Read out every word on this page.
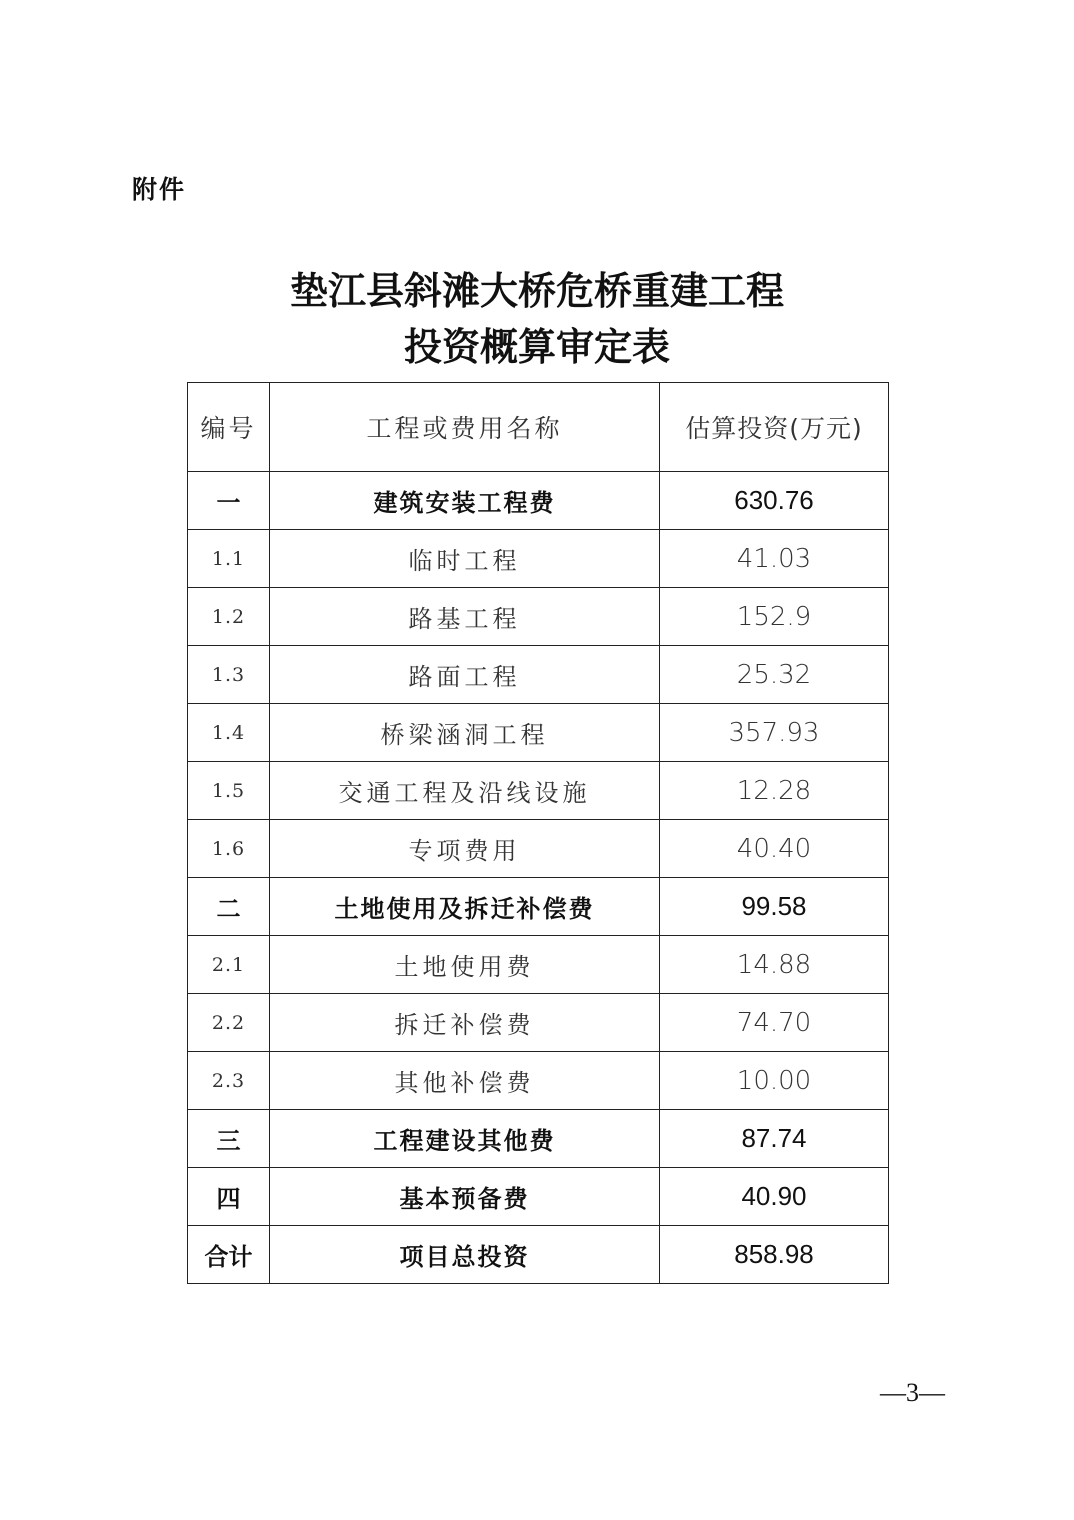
附件
垫江县斜滩大桥危桥重建工程
投资概算审定表
编号	工程或费用名称	估算投资(万元)
一	建筑安装工程费	630.76
1.1	临时工程	41.03
1.2	路基工程	152.9
1.3	路面工程	25.32
1.4	桥梁涵洞工程	357.93
1.5	交通工程及沿线设施	12.28
1.6	专项费用	40.40
二	土地使用及拆迁补偿费	99.58
2.1	土地使用费	14.88
2.2	拆迁补偿费	74.70
2.3	其他补偿费	10.00
三	工程建设其他费	87.74
四	基本预备费	40.90
合计	项目总投资	858.98
—3—
